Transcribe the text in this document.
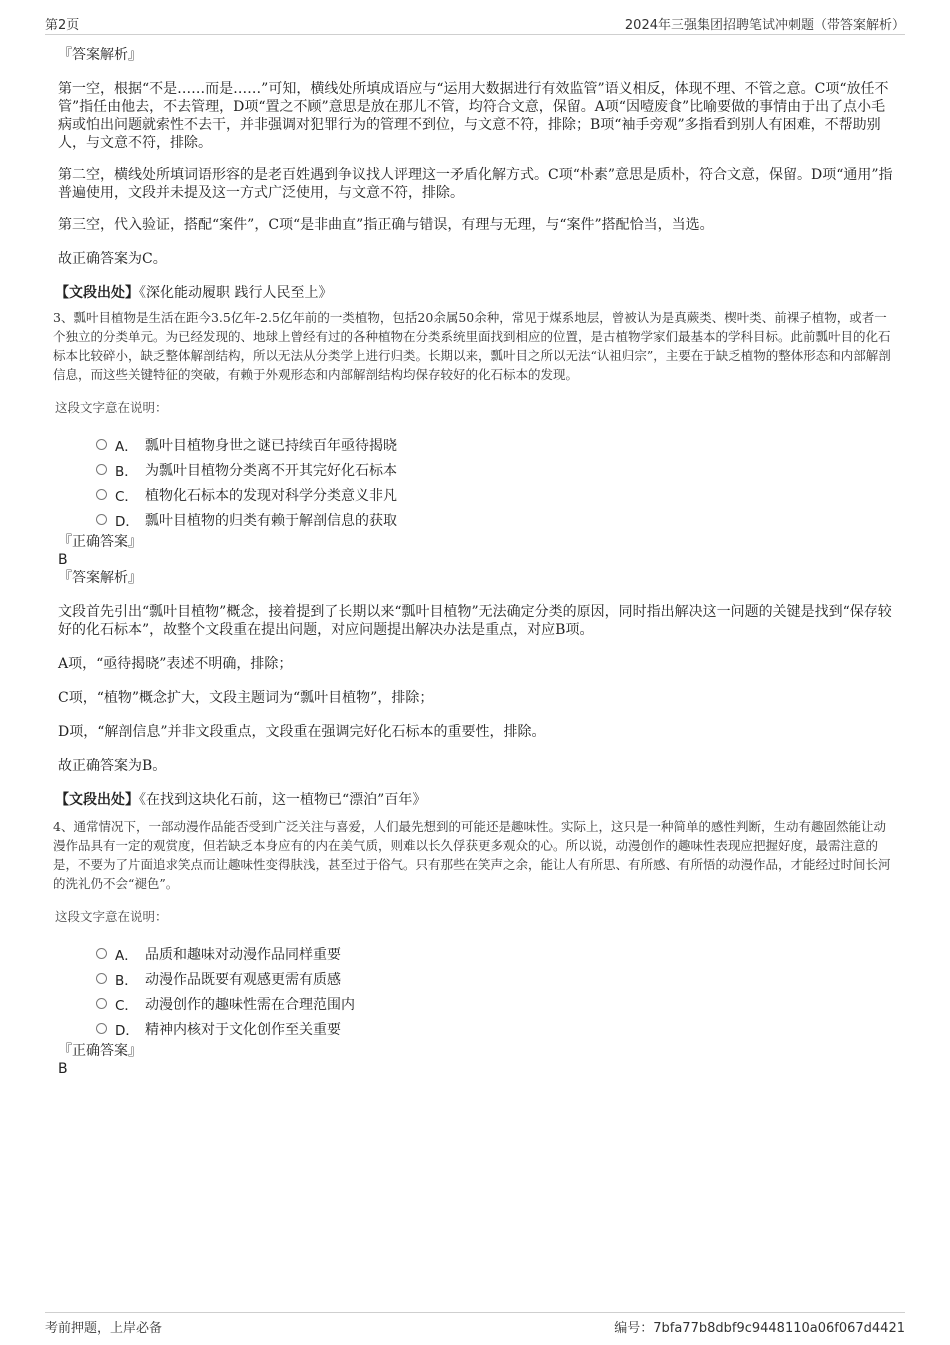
第2页	2024年三强集团招聘笔试冲刺题（带答案解析）

『答案解析』

第一空，根据“不是……而是……”可知，横线处所填成语应与“运用大数据进行有效监管”语义相反，体现不理、不管之意。C项“放任不管”指任由他去，不去管理，D项“置之不顾”意思是放在那儿不管，均符合文意，保留。A项“因噎废食”比喻要做的事情由于出了点小毛病或怕出问题就索性不去干，并非强调对犯罪行为的管理不到位，与文意不符，排除；B项“袖手旁观”多指看到别人有困难，不帮助别人，与文意不符，排除。

第二空，横线处所填词语形容的是老百姓遇到争议找人评理这一矛盾化解方式。C项“朴素”意思是质朴，符合文意，保留。D项“通用”指普遍使用，文段并未提及这一方式广泛使用，与文意不符，排除。

第三空，代入验证，搭配“案件”，C项“是非曲直”指正确与错误，有理与无理，与“案件”搭配恰当，当选。

故正确答案为C。

【文段出处】《深化能动履职 践行人民至上》

3、瓢叶目植物是生活在距今3.5亿年-2.5亿年前的一类植物，包括20余属50余种，常见于煤系地层，曾被认为是真蕨类、楔叶类、前裸子植物，或者一个独立的分类单元。为已经发现的、地球上曾经有过的各种植物在分类系统里面找到相应的位置，是古植物学家们最基本的学科目标。此前瓢叶目的化石标本比较碎小，缺乏整体解剖结构，所以无法从分类学上进行归类。长期以来，瓢叶目之所以无法“认祖归宗”，主要在于缺乏植物的整体形态和内部解剖信息，而这些关键特征的突破，有赖于外观形态和内部解剖结构均保存较好的化石标本的发现。

这段文字意在说明：

A． 瓢叶目植物身世之谜已持续百年亟待揭晓
B． 为瓢叶目植物分类离不开其完好化石标本
C． 植物化石标本的发现对科学分类意义非凡
D． 瓢叶目植物的归类有赖于解剖信息的获取

『正确答案』

B

『答案解析』

文段首先引出“瓢叶目植物”概念，接着提到了长期以来“瓢叶目植物”无法确定分类的原因，同时指出解决这一问题的关键是找到“保存较好的化石标本”，故整个文段重在提出问题，对应问题提出解决办法是重点，对应B项。

A项，“亟待揭晓”表述不明确，排除；

C项，“植物”概念扩大，文段主题词为“瓢叶目植物”，排除；

D项，“解剖信息”并非文段重点，文段重在强调完好化石标本的重要性，排除。

故正确答案为B。

【文段出处】《在找到这块化石前，这一植物已“漂泊”百年》

4、通常情况下，一部动漫作品能否受到广泛关注与喜爱，人们最先想到的可能还是趣味性。实际上，这只是一种简单的感性判断，生动有趣固然能让动漫作品具有一定的观赏度，但若缺乏本身应有的内在美气质，则难以长久俘获更多观众的心。所以说，动漫创作的趣味性表现应把握好度，最需注意的是，不要为了片面追求笑点而让趣味性变得肤浅，甚至过于俗气。只有那些在笑声之余，能让人有所思、有所感、有所悟的动漫作品，才能经过时间长河的洗礼仍不会“褪色”。

这段文字意在说明：

A． 品质和趣味对动漫作品同样重要
B． 动漫作品既要有观感更需有质感
C． 动漫创作的趣味性需在合理范围内
D． 精神内核对于文化创作至关重要

『正确答案』

B

考前押题，上岸必备	编号：7bfa77b8dbf9c9448110a06f067d4421
